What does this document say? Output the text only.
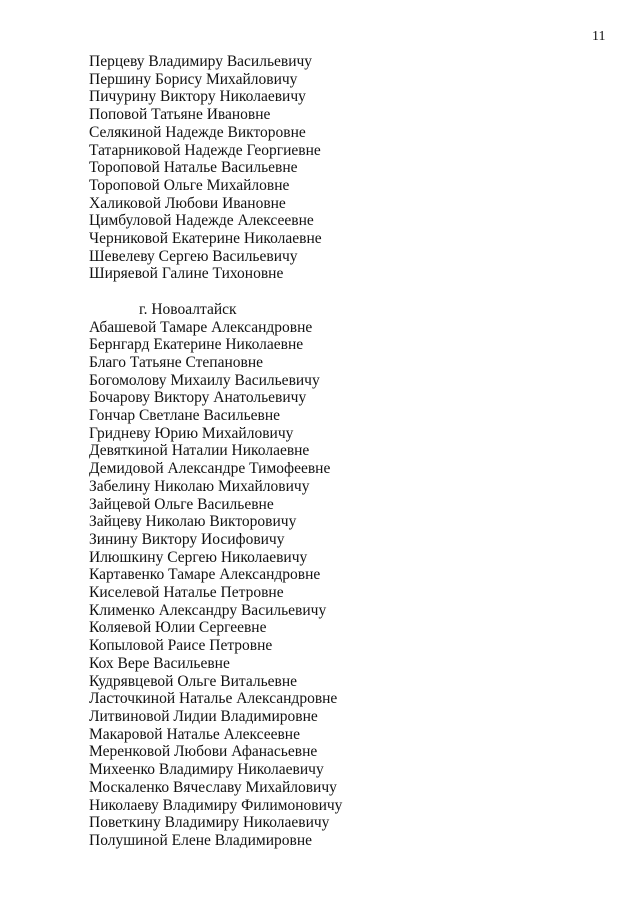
11
Перцеву Владимиру Васильевичу
Першину Борису Михайловичу
Пичурину Виктору Николаевичу
Поповой Татьяне Ивановне
Селякиной Надежде Викторовне
Татарниковой Надежде Георгиевне
Тороповой Наталье Васильевне
Тороповой Ольге Михайловне
Халиковой Любови Ивановне
Цимбуловой Надежде Алексеевне
Черниковой Екатерине Николаевне
Шевелеву Сергею Васильевичу
Ширяевой Галине Тихоновне
г. Новоалтайск
Абашевой Тамаре Александровне
Бернгард Екатерине Николаевне
Благо Татьяне Степановне
Богомолову Михаилу Васильевичу
Бочарову Виктору Анатольевичу
Гончар Светлане Васильевне
Гридневу Юрию Михайловичу
Девяткиной Наталии Николаевне
Демидовой Александре Тимофеевне
Забелину Николаю Михайловичу
Зайцевой Ольге Васильевне
Зайцеву Николаю Викторовичу
Зинину Виктору Иосифовичу
Илюшкину Сергею Николаевичу
Картавенко Тамаре Александровне
Киселевой Наталье Петровне
Клименко Александру Васильевичу
Коляевой Юлии Сергеевне
Копыловой Раисе Петровне
Кох Вере Васильевне
Кудрявцевой Ольге Витальевне
Ласточкиной Наталье Александровне
Литвиновой Лидии Владимировне
Макаровой Наталье Алексеевне
Меренковой Любови Афанасьевне
Михеенко Владимиру Николаевичу
Москаленко Вячеславу Михайловичу
Николаеву Владимиру Филимоновичу
Поветкину Владимиру Николаевичу
Полушиной Елене Владимировне
